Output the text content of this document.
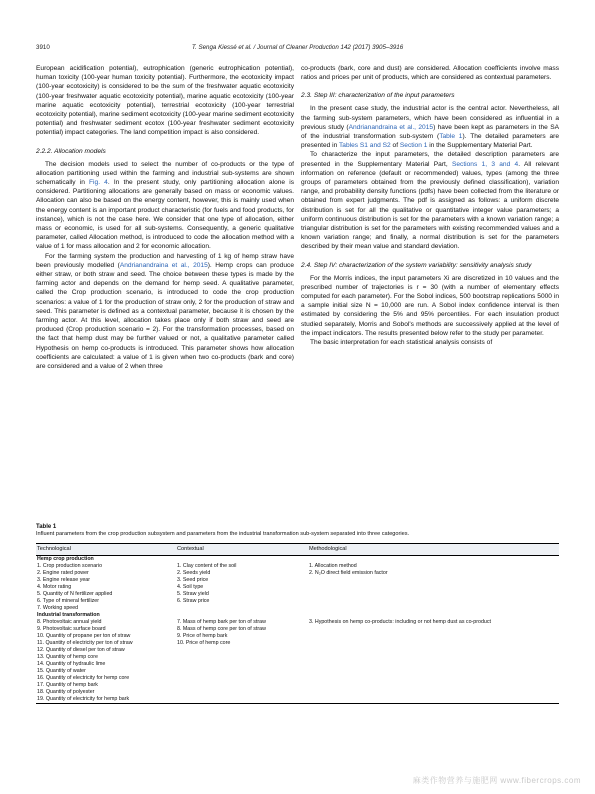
3910	T. Senga Kiessé et al. / Journal of Cleaner Production 142 (2017) 3905–3916

European acidification potential), eutrophication (generic eutrophication potential), human toxicity (100-year human toxicity potential). Furthermore, the ecotoxicity impact (100-year ecotoxicity) is considered to be the sum of the freshwater aquatic ecotoxicity (100-year freshwater aquatic ecotoxicity potential), marine aquatic ecotoxicity (100-year marine aquatic ecotoxicity potential), terrestrial ecotoxicity (100-year terrestrial ecotoxicity potential), marine sediment ecotoxicity (100-year marine sediment ecotoxicity potential) and freshwater sediment ecotox (100-year freshwater sediment ecotoxicity potential) impact categories. The land competition impact is also considered.

2.2.2. Allocation models

The decision models used to select the number of co-products or the type of allocation partitioning used within the farming and industrial sub-systems are shown schematically in Fig. 4. In the present study, only partitioning allocation alone is considered. Partitioning allocations are generally based on mass or economic values. Allocation can also be based on the energy content, however, this is mainly used when the energy content is an important product characteristic (for fuels and food products, for instance), which is not the case here. We consider that one type of allocation, either mass or economic, is used for all sub-systems. Consequently, a generic qualitative parameter, called Allocation method, is introduced to code the allocation method with a value of 1 for mass allocation and 2 for economic allocation.

For the farming system the production and harvesting of 1 kg of hemp straw have been previously modelled (Andrianandraina et al., 2015). Hemp crops can produce either straw, or both straw and seed. The choice between these types is made by the farming actor and depends on the demand for hemp seed. A qualitative parameter, called the Crop production scenario, is introduced to code the crop production scenarios: a value of 1 for the production of straw only, 2 for the production of straw and seed. This parameter is defined as a contextual parameter, because it is chosen by the farming actor. At this level, allocation takes place only if both straw and seed are produced (Crop production scenario = 2). For the transformation processes, based on the fact that hemp dust may be further valued or not, a qualitative parameter called Hypothesis on hemp co-products is introduced. This parameter shows how allocation coefficients are calculated: a value of 1 is given when two co-products (bark and core) are considered and a value of 2 when three

co-products (bark, core and dust) are considered. Allocation coefficients involve mass ratios and prices per unit of products, which are considered as contextual parameters.

2.3. Step III: characterization of the input parameters

In the present case study, the industrial actor is the central actor. Nevertheless, all the farming sub-system parameters, which have been considered as influential in a previous study (Andrianandraina et al., 2015) have been kept as parameters in the SA of the industrial transformation sub-system (Table 1). The detailed parameters are presented in Tables S1 and S2 of Section 1 in the Supplementary Material Part.

To characterize the input parameters, the detailed description parameters are presented in the Supplementary Material Part, Sections 1, 3 and 4. All relevant information on reference (default or recommended) values, types (among the three groups of parameters obtained from the previously defined classification), variation range, and probability density functions (pdfs) have been collected from the literature or obtained from expert judgments. The pdf is assigned as follows: a uniform discrete distribution is set for all the qualitative or quantitative integer value parameters; a uniform continuous distribution is set for the parameters with a known variation range; a triangular distribution is set for the parameters with existing recommended values and a known variation range; and finally, a normal distribution is set for the parameters described by their mean value and standard deviation.

2.4. Step IV: characterization of the system variability: sensitivity analysis study

For the Morris indices, the input parameters Xi are discretized in 10 values and the prescribed number of trajectories is r = 30 (with a number of elementary effects computed for each parameter). For the Sobol indices, 500 bootstrap replications 5000 in a sample initial size N = 10,000 are run. A Sobol index confidence interval is then estimated by considering the 5% and 95% percentiles. For each insulation product studied separately, Morris and Sobol's methods are successively applied at the level of the impact indicators. The results presented below refer to the study per parameter.

The basic interpretation for each statistical analysis consists of

Table 1
Influent parameters from the crop production subsystem and parameters from the industrial transformation sub-system separated into three categories.
Technological	Contextual	Methodological
Hemp crop production		
1. Crop production scenario	1. Clay content of the soil	1. Allocation method
2. Engine rated power	2. Seeds yield	2. N₂O direct field emission factor
3. Engine release year	3. Seed price	
4. Motor rating	4. Soil type	
5. Quantity of N fertilizer applied	5. Straw yield	
6. Type of mineral fertilizer	6. Straw price	
7. Working speed		
Industrial transformation		
8. Photovoltaic annual yield	7. Mass of hemp bark per ton of straw	3. Hypothesis on hemp co-products: including or not hemp dust as co-product
9. Photovoltaic surface board	8. Mass of hemp core per ton of straw	
10. Quantity of propane per ton of straw	9. Price of hemp bark	
11. Quantity of electricity per ton of straw	10. Price of hemp core	
12. Quantity of diesel per ton of straw		
13. Quantity of hemp core		
14. Quantity of hydraulic lime		
15. Quantity of water		
16. Quantity of electricity for hemp core		
17. Quantity of hemp bark		
18. Quantity of polyester		
19. Quantity of electricity for hemp bark		
麻类作物营养与施肥网 www.fibercrops.com
